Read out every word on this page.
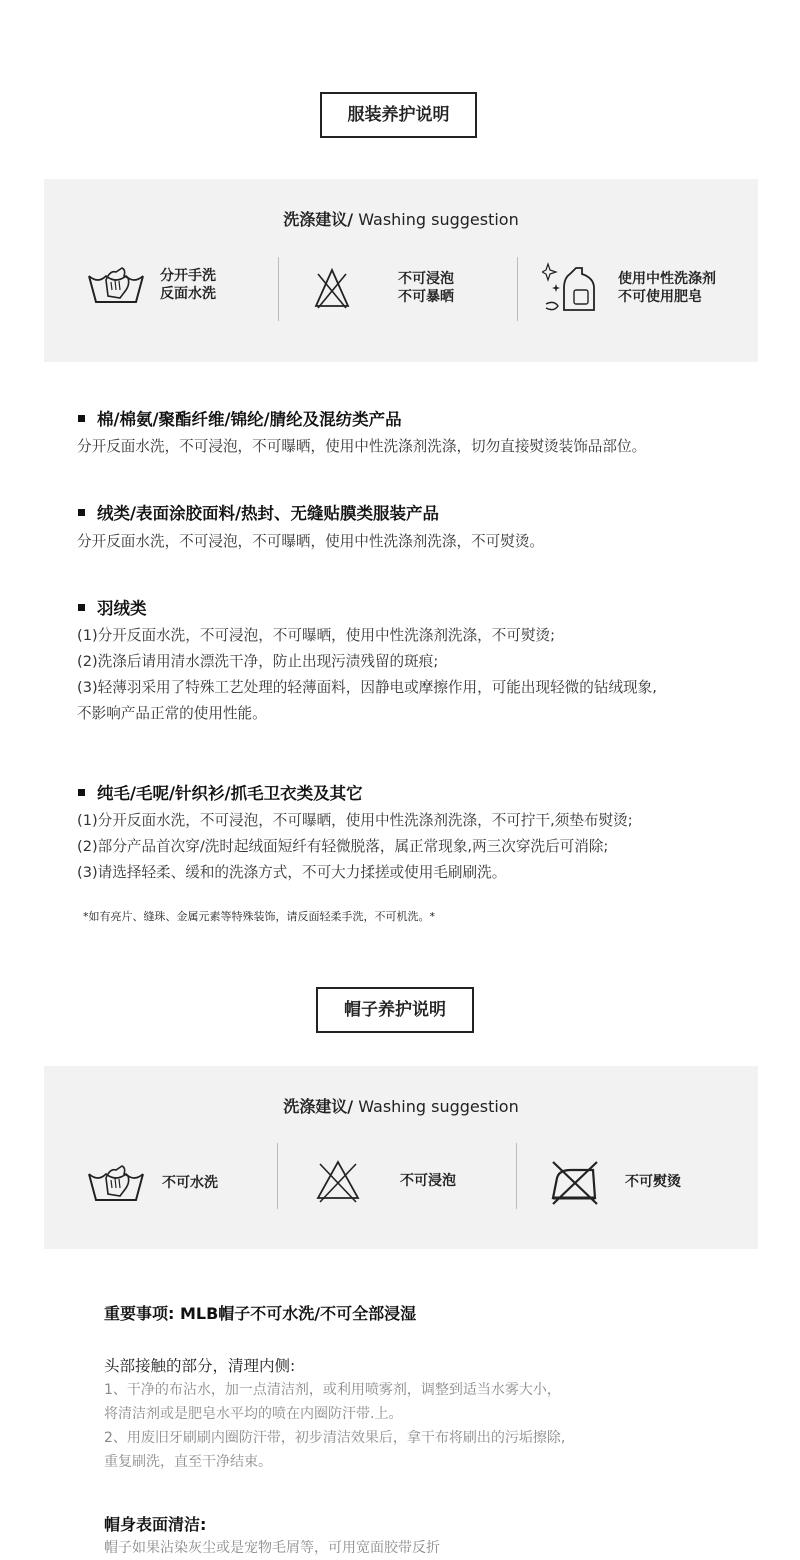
服装养护说明
洗涤建议/ Washing suggestion
分开手洗
反面水洗
不可浸泡
不可暴晒
使用中性洗涤剂
不可使用肥皂
棉/棉氨/聚酯纤维/锦纶/腈纶及混纺类产品
分开反面水洗，不可浸泡，不可曝晒，使用中性洗涤剂洗涤，切勿直接熨烫装饰品部位。
绒类/表面涂胶面料/热封、无缝贴膜类服装产品
分开反面水洗，不可浸泡，不可曝晒，使用中性洗涤剂洗涤，不可熨烫。
羽绒类
(1)分开反面水洗，不可浸泡，不可曝晒，使用中性洗涤剂洗涤，不可熨烫;
(2)洗涤后请用清水漂洗干净，防止出现污渍残留的斑痕;
(3)轻薄羽采用了特殊工艺处理的轻薄面料，因静电或摩擦作用，可能出现轻微的钻绒现象,
不影响产品正常的使用性能。
纯毛/毛呢/针织衫/抓毛卫衣类及其它
(1)分开反面水洗，不可浸泡，不可曝晒，使用中性洗涤剂洗涤，不可拧干,须垫布熨烫;
(2)部分产品首次穿/洗时起绒面短纤有轻微脱落，属正常现象,两三次穿洗后可消除;
(3)请选择轻柔、缓和的洗涤方式，不可大力揉搓或使用毛刷刷洗。
*如有亮片、缝珠、金属元素等特殊装饰，请反面轻柔手洗，不可机洗。*
帽子养护说明
洗涤建议/ Washing suggestion
不可水洗	不可浸泡	不可熨烫
重要事项: MLB帽子不可水洗/不可全部浸湿
头部接触的部分，清理内侧:
1、干净的布沾水，加一点清洁剂，或利用喷雾剂，调整到适当水雾大小，
将清洁剂或是肥皂水平均的喷在内圈防汗带.上。
2、用废旧牙刷刷内圈防汗带，初步清洁效果后，拿干布将刷出的污垢擦除,
重复刷洗，直至干净结束。
帽身表面清洁:
帽子如果沾染灰尘或是宠物毛屑等，可用宽面胶带反折
